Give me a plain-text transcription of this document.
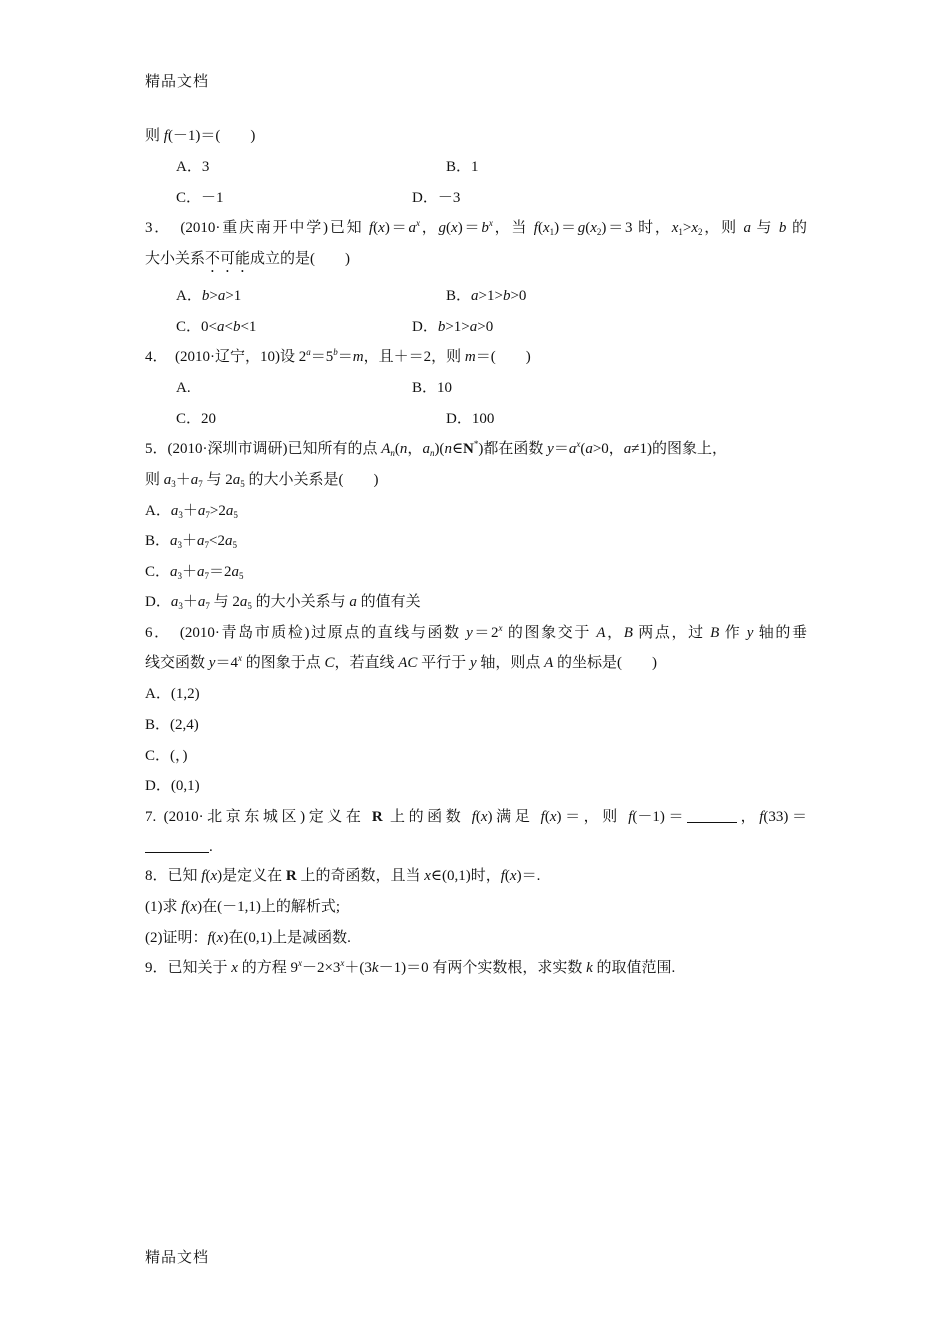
精品文档
则 f(－1)＝(　　)
A．3	B．1
C．－1	D．－3
3．　(2010·重庆南开中学)已知 $f(x)=a^x$，$g(x)=b^x$，当 $f(x_1)=g(x_2)=3$ 时，$x_1>x_2$，则 a 与 b 的
大小关系不可能成立的是(　　)
A．b>a>1	B．a>1>b>0
C．0<a<b<1	D．b>1>a>0
4．　(2010·辽宁，10)设 $2^a=5^b=m$，且＋＝2，则 m＝(　　)
A.	B．10
C．20	D．100
5．(2010·深圳市调研)已知所有的点 $A_n(n$，$a_n)(n\in N^*)$都在函数 $y=a^x(a>0$，a≠1)的图象上，
则 $a_3+a_7$ 与 $2a_5$ 的大小关系是(　　)
A．$a_3+a_7>2a_5$
B．$a_3+a_7<2a_5$
C．$a_3+a_7=2a_5$
D．$a_3+a_7$ 与 $2a_5$ 的大小关系与 a 的值有关
6．　(2010·青岛市质检)过原点的直线与函数 $y=2^x$ 的图象交于 A，B 两点，过 B 作 y 轴的垂
线交函数 $y=4^x$ 的图象于点 C，若直线 AC 平行于 y 轴，则点 A 的坐标是(　　)
A．(1,2)
B．(2,4)
C．(，)
D．(0,1)
7. (2010·北京东城区)定义在 R 上的函数 f(x)满足 f(x)＝，则 f(－1)＝	，f(33)＝
.
8．已知 f(x)是定义在 R 上的奇函数，且当 x∈(0,1)时，f(x)＝.
(1)求 f(x)在(－1,1)上的解析式;
(2)证明：f(x)在(0,1)上是减函数.
9．已知关于 x 的方程 $9^x-2\times 3^x+(3k-1)=0$ 有两个实数根，求实数 k 的取值范围.
精品文档
